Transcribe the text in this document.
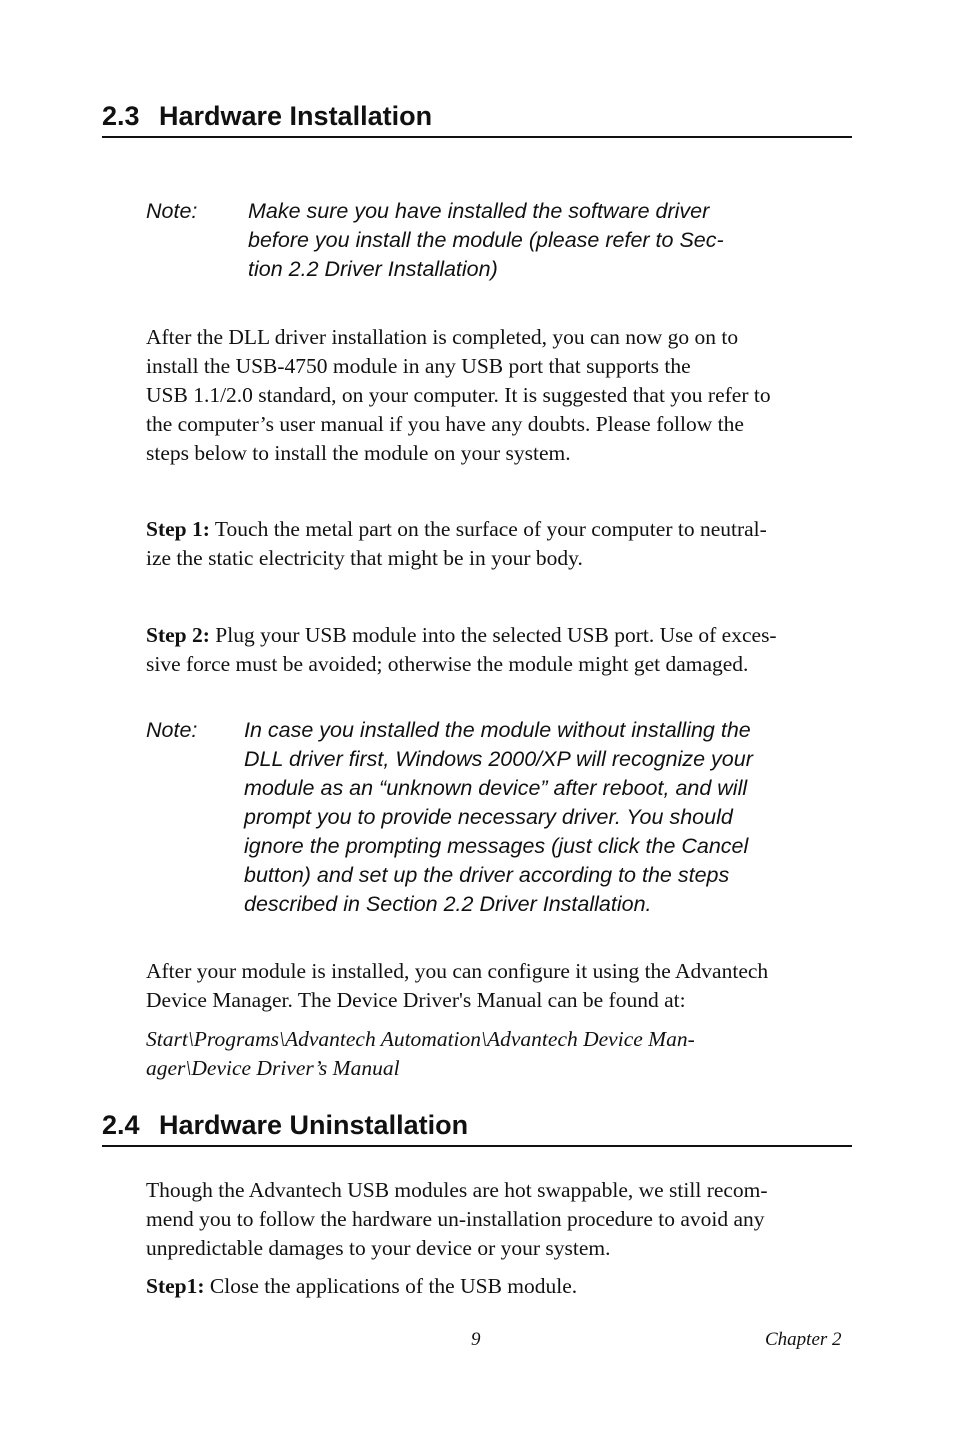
2.3 Hardware Installation
Note: Make sure you have installed the software driver
before you install the module (please refer to Sec-
tion 2.2 Driver Installation)

After the DLL driver installation is completed, you can now go on to
install the USB-4750 module in any USB port that supports the
USB 1.1/2.0 standard, on your computer. It is suggested that you refer to
the computer’s user manual if you have any doubts. Please follow the
steps below to install the module on your system.

Step 1: Touch the metal part on the surface of your computer to neutral-
ize the static electricity that might be in your body.

Step 2: Plug your USB module into the selected USB port. Use of exces-
sive force must be avoided; otherwise the module might get damaged.

Note: In case you installed the module without installing the
DLL driver first, Windows 2000/XP will recognize your
module as an “unknown device” after reboot, and will
prompt you to provide necessary driver. You should
ignore the prompting messages (just click the Cancel
button) and set up the driver according to the steps
described in Section 2.2 Driver Installation.

After your module is installed, you can configure it using the Advantech
Device Manager. The Device Driver's Manual can be found at:

Start\Programs\Advantech Automation\Advantech Device Man-
ager\Device Driver’s Manual

2.4 Hardware Uninstallation

Though the Advantech USB modules are hot swappable, we still recom-
mend you to follow the hardware un-installation procedure to avoid any
unpredictable damages to your device or your system.

Step1: Close the applications of the USB module.

9	Chapter 2
